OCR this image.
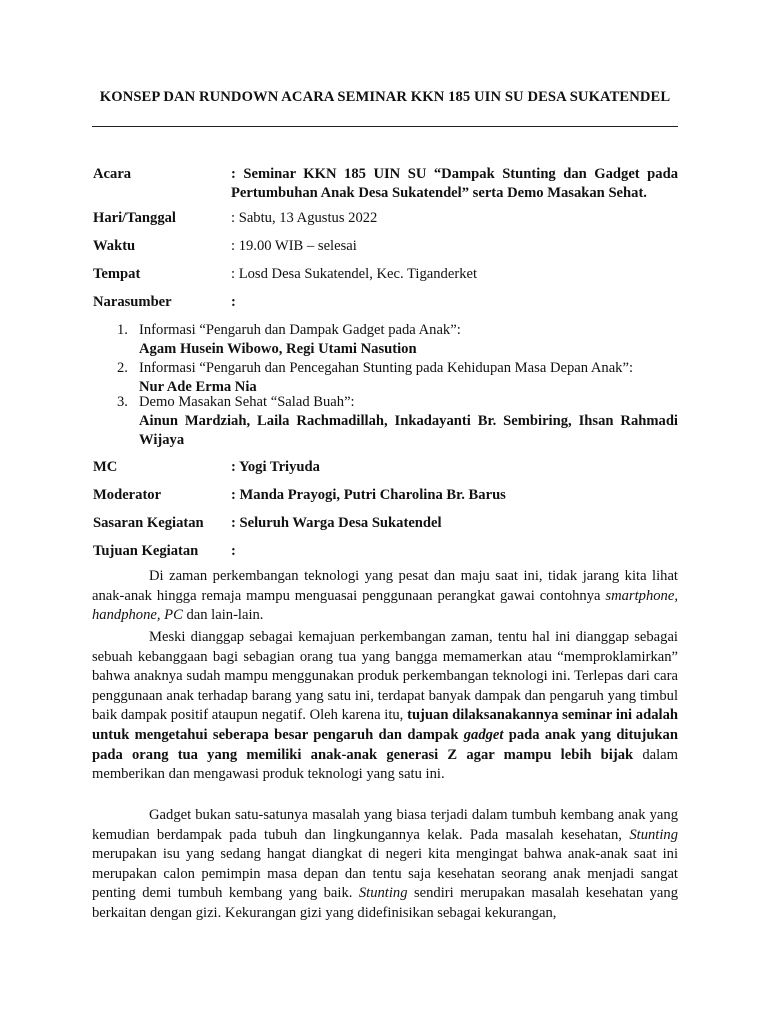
KONSEP DAN RUNDOWN ACARA SEMINAR KKN 185 UIN SU DESA SUKATENDEL
Acara	: Seminar KKN 185 UIN SU “Dampak Stunting dan Gadget pada Pertumbuhan Anak Desa Sukatendel” serta Demo Masakan Sehat.
Hari/Tanggal	: Sabtu, 13 Agustus 2022
Waktu	: 19.00 WIB – selesai
Tempat	: Losd Desa Sukatendel, Kec. Tiganderket
Narasumber	:
1. Informasi “Pengaruh dan Dampak Gadget pada Anak”:
Agam Husein Wibowo, Regi Utami Nasution
2. Informasi “Pengaruh dan Pencegahan Stunting pada Kehidupan Masa Depan Anak”:
Nur Ade Erma Nia
3. Demo Masakan Sehat “Salad Buah”:
Ainun Mardziah, Laila Rachmadillah, Inkadayanti Br. Sembiring, Ihsan Rahmadi Wijaya
MC	: Yogi Triyuda
Moderator	: Manda Prayogi, Putri Charolina Br. Barus
Sasaran Kegiatan : Seluruh Warga Desa Sukatendel
Tujuan Kegiatan :
Di zaman perkembangan teknologi yang pesat dan maju saat ini, tidak jarang kita lihat anak-anak hingga remaja mampu menguasai penggunaan perangkat gawai contohnya smartphone, handphone, PC dan lain-lain.
Meski dianggap sebagai kemajuan perkembangan zaman, tentu hal ini dianggap sebagai sebuah kebanggaan bagi sebagian orang tua yang bangga memamerkan atau “memproklamirkan” bahwa anaknya sudah mampu menggunakan produk perkembangan teknologi ini. Terlepas dari cara penggunaan anak terhadap barang yang satu ini, terdapat banyak dampak dan pengaruh yang timbul baik dampak positif ataupun negatif. Oleh karena itu, tujuan dilaksanakannya seminar ini adalah untuk mengetahui seberapa besar pengaruh dan dampak gadget pada anak yang ditujukan pada orang tua yang memiliki anak-anak generasi Z agar mampu lebih bijak dalam memberikan dan mengawasi produk teknologi yang satu ini.
Gadget bukan satu-satunya masalah yang biasa terjadi dalam tumbuh kembang anak yang kemudian berdampak pada tubuh dan lingkungannya kelak. Pada masalah kesehatan, Stunting merupakan isu yang sedang hangat diangkat di negeri kita mengingat bahwa anak-anak saat ini merupakan calon pemimpin masa depan dan tentu saja kesehatan seorang anak menjadi sangat penting demi tumbuh kembang yang baik. Stunting sendiri merupakan masalah kesehatan yang berkaitan dengan gizi. Kekurangan gizi yang didefinisikan sebagai kekurangan,
